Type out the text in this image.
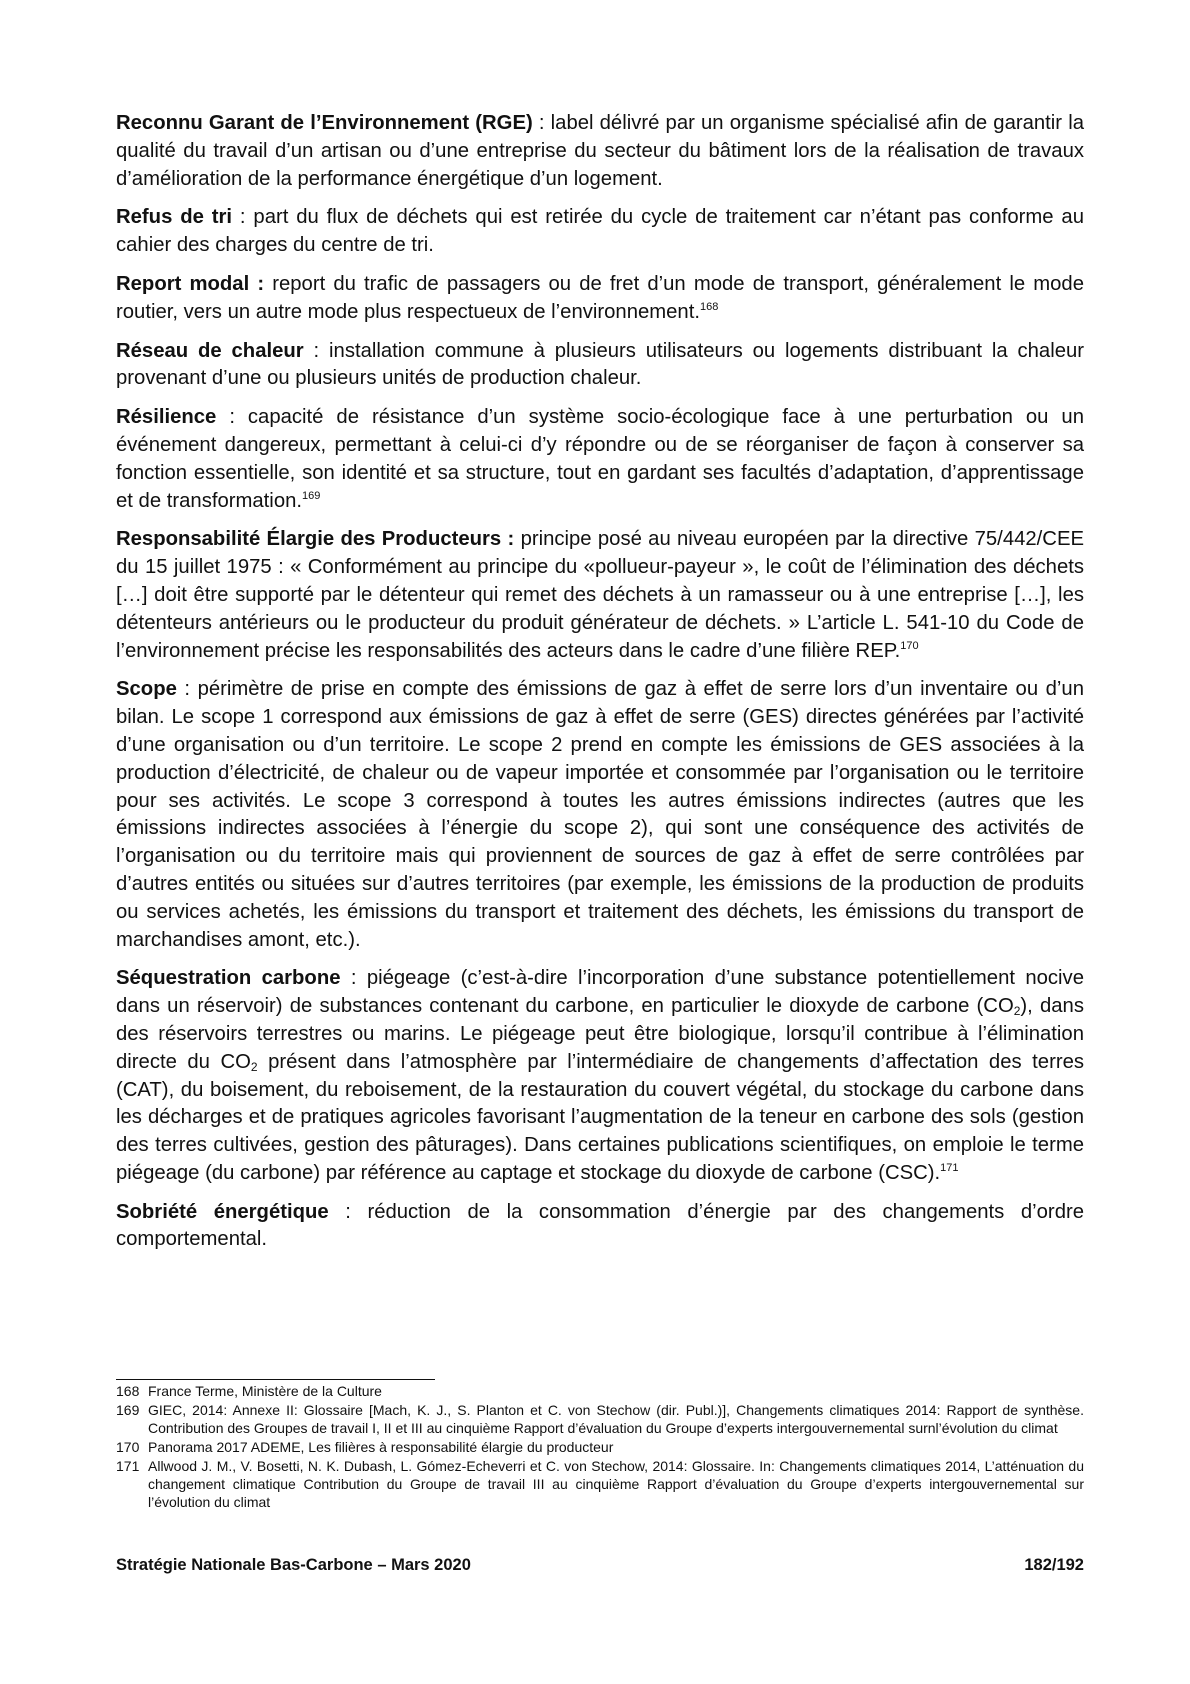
Reconnu Garant de l’Environnement (RGE) : label délivré par un organisme spécialisé afin de garantir la qualité du travail d’un artisan ou d’une entreprise du secteur du bâtiment lors de la réalisation de travaux d’amélioration de la performance énergétique d’un logement.

Refus de tri : part du flux de déchets qui est retirée du cycle de traitement car n’étant pas conforme au cahier des charges du centre de tri.

Report modal : report du trafic de passagers ou de fret d’un mode de transport, généralement le mode routier, vers un autre mode plus respectueux de l’environnement.$^{168}$

Réseau de chaleur : installation commune à plusieurs utilisateurs ou logements distribuant la chaleur provenant d’une ou plusieurs unités de production chaleur.

Résilience : capacité de résistance d’un système socio-écologique face à une perturbation ou un événement dangereux, permettant à celui-ci d’y répondre ou de se réorganiser de façon à conserver sa fonction essentielle, son identité et sa structure, tout en gardant ses facultés d’adaptation, d’apprentissage et de transformation.$^{169}$

Responsabilité Élargie des Producteurs : principe posé au niveau européen par la directive 75/442/CEE du 15 juillet 1975 : « Conformément au principe du «pollueur-payeur », le coût de l’élimination des déchets […] doit être supporté par le détenteur qui remet des déchets à un ramasseur ou à une entreprise […], les détenteurs antérieurs ou le producteur du produit générateur de déchets. » L’article L. 541-10 du Code de l’environnement précise les responsabilités des acteurs dans le cadre d’une filière REP.$^{170}$

Scope : périmètre de prise en compte des émissions de gaz à effet de serre lors d’un inventaire ou d’un bilan. Le scope 1 correspond aux émissions de gaz à effet de serre (GES) directes générées par l’activité d’une organisation ou d’un territoire. Le scope 2 prend en compte les émissions de GES associées à la production d’électricité, de chaleur ou de vapeur importée et consommée par l’organisation ou le territoire pour ses activités. Le scope 3 correspond à toutes les autres émissions indirectes (autres que les émissions indirectes associées à l’énergie du scope 2), qui sont une conséquence des activités de l’organisation ou du territoire mais qui proviennent de sources de gaz à effet de serre contrôlées par d’autres entités ou situées sur d’autres territoires (par exemple, les émissions de la production de produits ou services achetés, les émissions du transport et traitement des déchets, les émissions du transport de marchandises amont, etc.).

Séquestration carbone : piégeage (c’est-à-dire l’incorporation d’une substance potentiellement nocive dans un réservoir) de substances contenant du carbone, en particulier le dioxyde de carbone $(CO_2)$, dans des réservoirs terrestres ou marins. Le piégeage peut être biologique, lorsqu’il contribue à l’élimination directe du $CO_2$ présent dans l’atmosphère par l’intermédiaire de changements d’affectation des terres (CAT), du boisement, du reboisement, de la restauration du couvert végétal, du stockage du carbone dans les décharges et de pratiques agricoles favorisant l’augmentation de la teneur en carbone des sols (gestion des terres cultivées, gestion des pâturages). Dans certaines publications scientifiques, on emploie le terme piégeage (du carbone) par référence au captage et stockage du dioxyde de carbone (CSC).$^{171}$

Sobriété énergétique : réduction de la consommation d’énergie par des changements d’ordre comportemental.

168 France Terme, Ministère de la Culture
169 GIEC, 2014: Annexe II: Glossaire [Mach, K. J., S. Planton et C. von Stechow (dir. Publ.)], Changements climatiques 2014: Rapport de synthèse. Contribution des Groupes de travail I, II et III au cinquième Rapport d’évaluation du Groupe d’experts intergouvernemental surnl’évolution du climat
170 Panorama 2017 ADEME, Les filières à responsabilité élargie du producteur
171 Allwood J. M., V. Bosetti, N. K. Dubash, L. Gómez-Echeverri et C. von Stechow, 2014: Glossaire. In: Changements climatiques 2014, L’atténuation du changement climatique Contribution du Groupe de travail III au cinquième Rapport d’évaluation du Groupe d’experts intergouvernemental sur l’évolution du climat
Stratégie Nationale Bas-Carbone – Mars 2020	182/192
